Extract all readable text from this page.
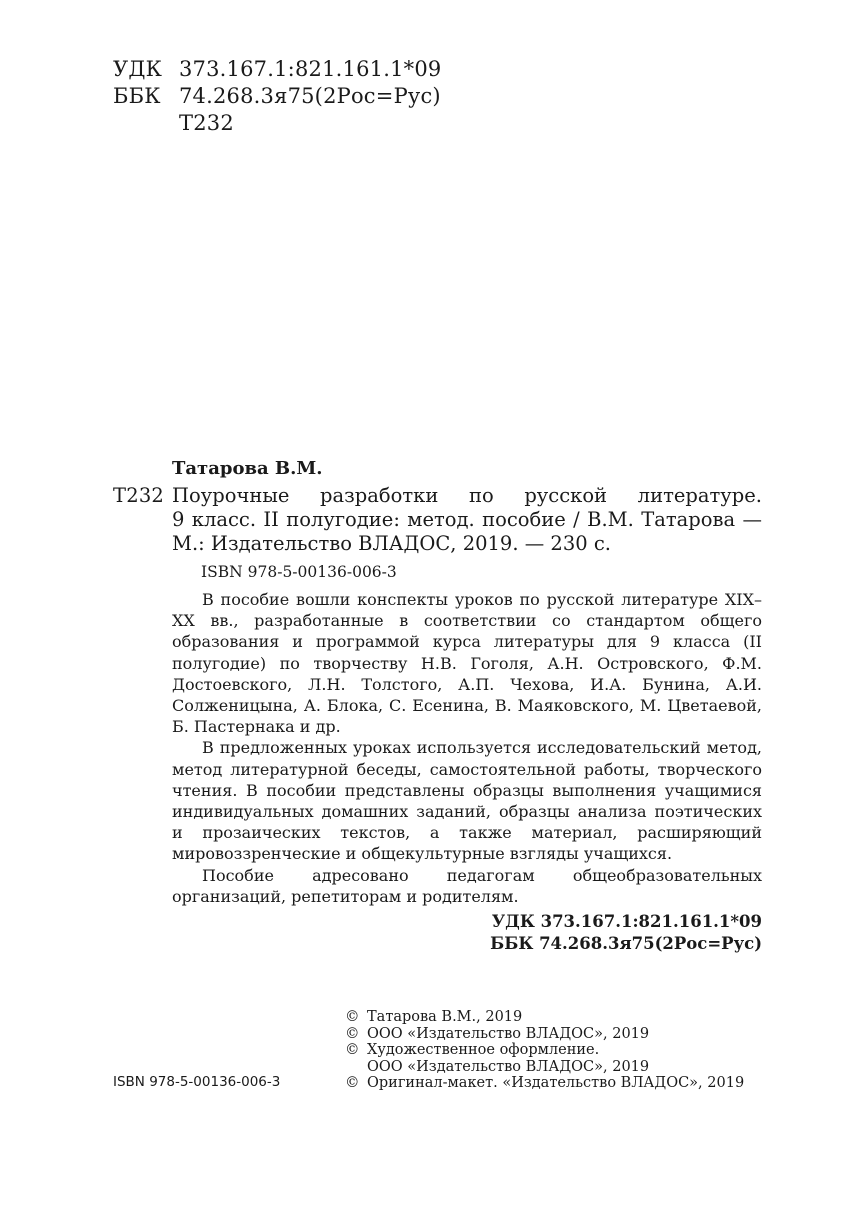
УДК 373.167.1:821.161.1*09
ББК 74.268.3я75(2Рос=Рус)
Т232
Татарова В.М.
Т232 Поурочные разработки по русской литературе.
9 класс. II полугодие: метод. пособие / В.М. Татарова —
М.: Издательство ВЛАДОС, 2019. — 230 с.
ISBN 978-5-00136-006-3

В пособие вошли конспекты уроков по русской литературе XIX–XX вв., разработанные в соответствии со стандартом общего образования и программой курса литературы для 9 класса (II полугодие) по творчеству Н.В. Гоголя, А.Н. Островского, Ф.М. Достоевского, Л.Н. Толстого, А.П. Чехова, И.А. Бунина, А.И. Солженицына, А. Блока, С. Есенина, В. Маяковского, М. Цветаевой, Б. Пастернака и др.

В предложенных уроках используется исследовательский метод, метод литературной беседы, самостоятельной работы, творческого чтения. В пособии представлены образцы выполнения учащимися индивидуальных домашних заданий, образцы анализа поэтических и прозаических текстов, а также материал, расширяющий мировоззренческие и общекультурные взгляды учащихся.

Пособие адресовано педагогам общеобразовательных организаций, репетиторам и родителям.

УДК 373.167.1:821.161.1*09
ББК 74.268.3я75(2Рос=Рус)
© Татарова В.М., 2019
© ООО «Издательство ВЛАДОС», 2019
© Художественное оформление.
ООО «Издательство ВЛАДОС», 2019
© Оригинал-макет. «Издательство ВЛАДОС», 2019
ISBN 978-5-00136-006-3
